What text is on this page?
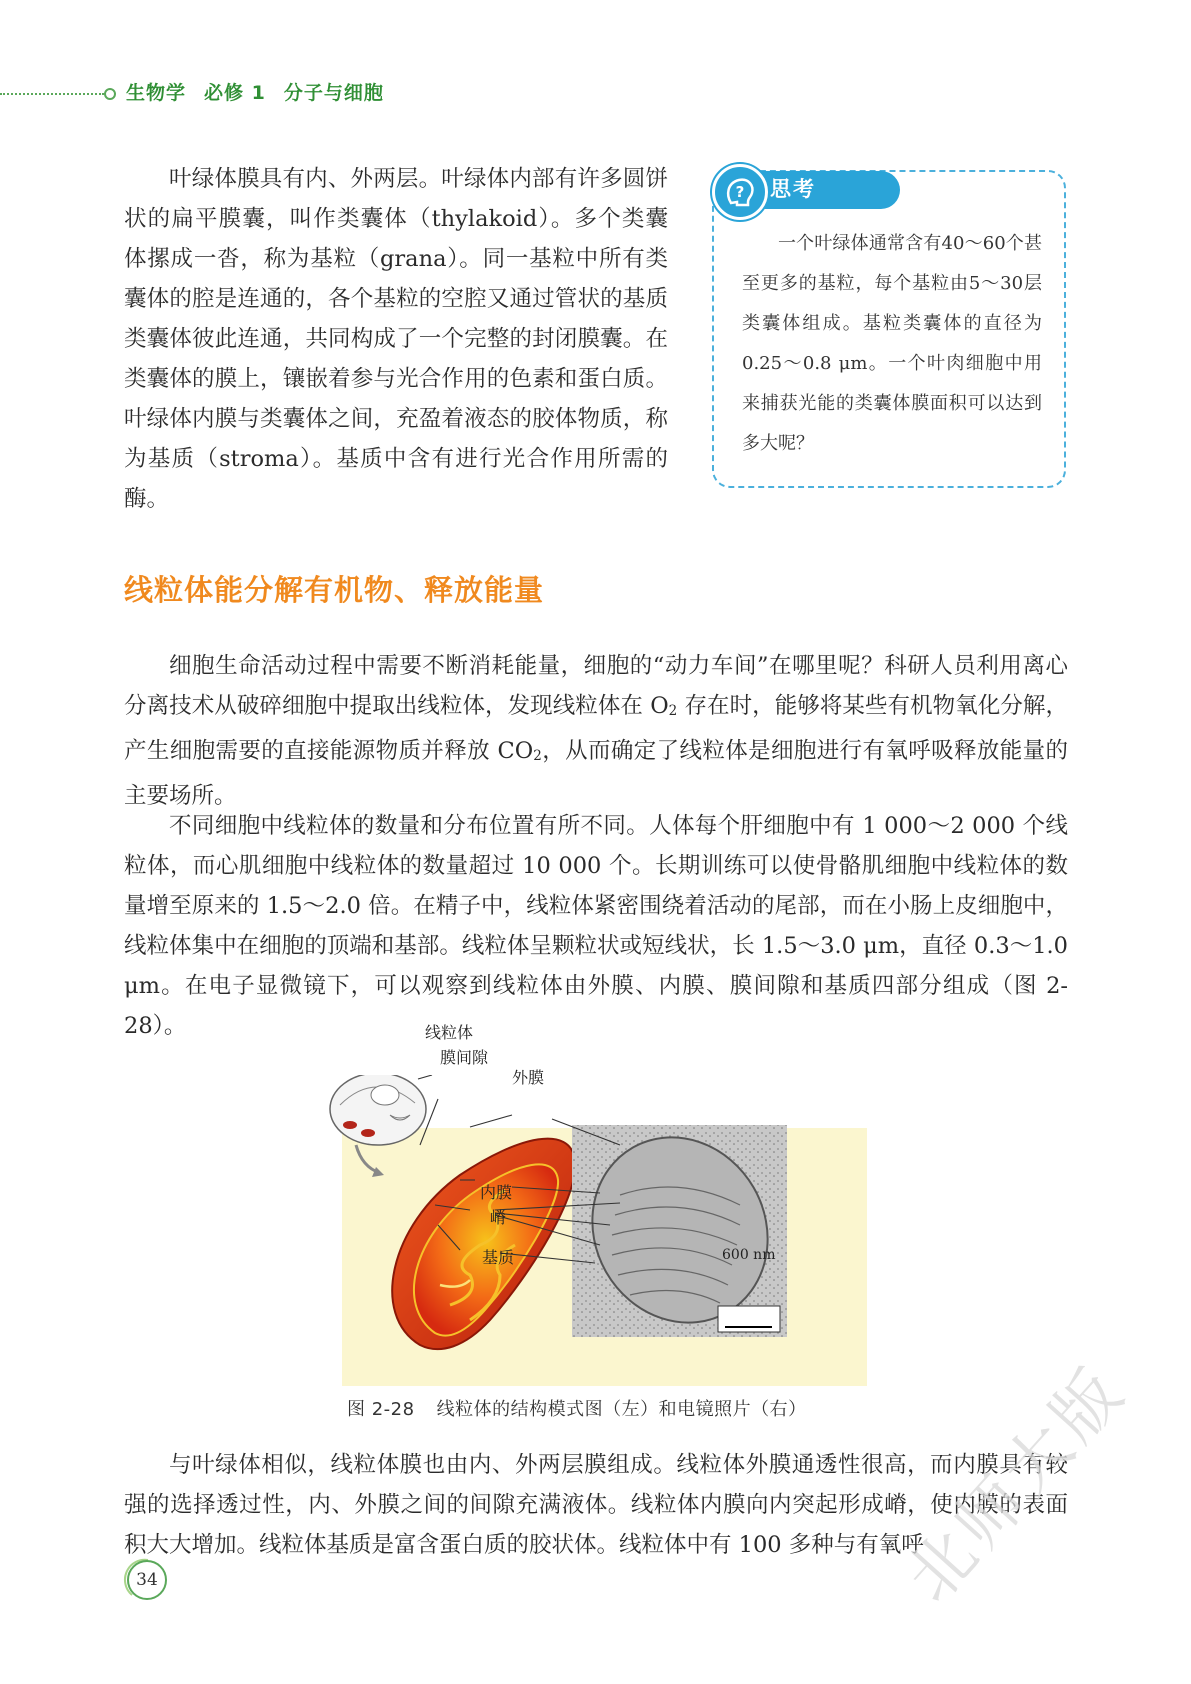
生物学 必修 1 分子与细胞

叶绿体膜具有内、外两层。叶绿体内部有许多圆饼状的扁平膜囊，叫作类囊体（thylakoid）。多个类囊体摞成一沓，称为基粒（grana）。同一基粒中所有类囊体的腔是连通的，各个基粒的空腔又通过管状的基质类囊体彼此连通，共同构成了一个完整的封闭膜囊。在类囊体的膜上，镶嵌着参与光合作用的色素和蛋白质。叶绿体内膜与类囊体之间，充盈着液态的胶体物质，称为基质（stroma）。基质中含有进行光合作用所需的酶。

? 思考
一个叶绿体通常含有40～60个甚至更多的基粒，每个基粒由5～30层类囊体组成。基粒类囊体的直径为0.25～0.8 μm。一个叶肉细胞中用来捕获光能的类囊体膜面积可以达到多大呢？
线粒体能分解有机物、释放能量

细胞生命活动过程中需要不断消耗能量，细胞的“动力车间”在哪里呢？科研人员利用离心分离技术从破碎细胞中提取出线粒体，发现线粒体在 $O_2$ 存在时，能够将某些有机物氧化分解，产生细胞需要的直接能源物质并释放 $CO_2$，从而确定了线粒体是细胞进行有氧呼吸释放能量的主要场所。

不同细胞中线粒体的数量和分布位置有所不同。人体每个肝细胞中有 1 000～2 000 个线粒体，而心肌细胞中线粒体的数量超过 10 000 个。长期训练可以使骨骼肌细胞中线粒体的数量增至原来的 1.5～2.0 倍。在精子中，线粒体紧密围绕着活动的尾部，而在小肠上皮细胞中，线粒体集中在细胞的顶端和基部。线粒体呈颗粒状或短线状，长 1.5～3.0 μm，直径 0.3～1.0 μm。在电子显微镜下，可以观察到线粒体由外膜、内膜、膜间隙和基质四部分组成（图 2-28）。	线粒体
膜间隙
外膜
内膜
嵴
基质	600 nm
图 2-28 线粒体的结构模式图（左）和电镜照片（右）

与叶绿体相似，线粒体膜也由内、外两层膜组成。线粒体外膜通透性很高，而内膜具有较强的选择透过性，内、外膜之间的间隙充满液体。线粒体内膜向内突起形成嵴，使内膜的表面积大大增加。线粒体基质是富含蛋白质的胶状体。线粒体中有 100 多种与有氧呼

34	北师大版
